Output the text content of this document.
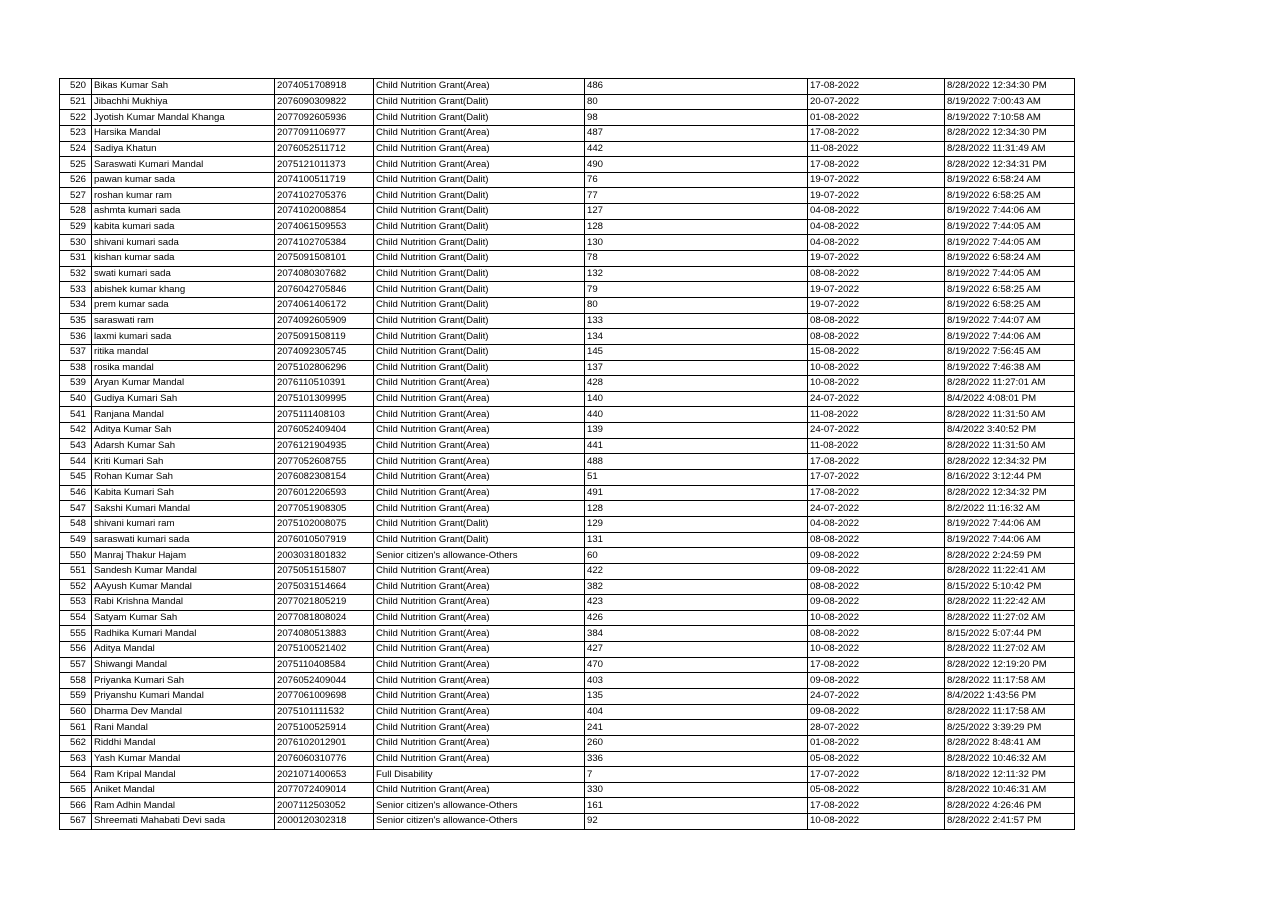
520	Bikas Kumar Sah	2074051708918	Child Nutrition Grant(Area)	486	17-08-2022	8/28/2022 12:34:30 PM
521	Jibachhi Mukhiya	2076090309822	Child Nutrition Grant(Dalit)	80	20-07-2022	8/19/2022 7:00:43 AM
522	Jyotish Kumar Mandal Khanga	2077092605936	Child Nutrition Grant(Dalit)	98	01-08-2022	8/19/2022 7:10:58 AM
523	Harsika Mandal	2077091106977	Child Nutrition Grant(Area)	487	17-08-2022	8/28/2022 12:34:30 PM
524	Sadiya Khatun	2076052511712	Child Nutrition Grant(Area)	442	11-08-2022	8/28/2022 11:31:49 AM
525	Saraswati Kumari Mandal	2075121011373	Child Nutrition Grant(Area)	490	17-08-2022	8/28/2022 12:34:31 PM
526	pawan kumar sada	2074100511719	Child Nutrition Grant(Dalit)	76	19-07-2022	8/19/2022 6:58:24 AM
527	roshan kumar ram	2074102705376	Child Nutrition Grant(Dalit)	77	19-07-2022	8/19/2022 6:58:25 AM
528	ashmta kumari sada	2074102008854	Child Nutrition Grant(Dalit)	127	04-08-2022	8/19/2022 7:44:06 AM
529	kabita kumari sada	2074061509553	Child Nutrition Grant(Dalit)	128	04-08-2022	8/19/2022 7:44:05 AM
530	shivani kumari sada	2074102705384	Child Nutrition Grant(Dalit)	130	04-08-2022	8/19/2022 7:44:05 AM
531	kishan kumar sada	2075091508101	Child Nutrition Grant(Dalit)	78	19-07-2022	8/19/2022 6:58:24 AM
532	swati kumari sada	2074080307682	Child Nutrition Grant(Dalit)	132	08-08-2022	8/19/2022 7:44:05 AM
533	abishek kumar khang	2076042705846	Child Nutrition Grant(Dalit)	79	19-07-2022	8/19/2022 6:58:25 AM
534	prem kumar sada	2074061406172	Child Nutrition Grant(Dalit)	80	19-07-2022	8/19/2022 6:58:25 AM
535	saraswati ram	2074092605909	Child Nutrition Grant(Dalit)	133	08-08-2022	8/19/2022 7:44:07 AM
536	laxmi kumari sada	2075091508119	Child Nutrition Grant(Dalit)	134	08-08-2022	8/19/2022 7:44:06 AM
537	ritika mandal	2074092305745	Child Nutrition Grant(Dalit)	145	15-08-2022	8/19/2022 7:56:45 AM
538	rosika mandal	2075102806296	Child Nutrition Grant(Dalit)	137	10-08-2022	8/19/2022 7:46:38 AM
539	Aryan Kumar Mandal	2076110510391	Child Nutrition Grant(Area)	428	10-08-2022	8/28/2022 11:27:01 AM
540	Gudiya Kumari Sah	2075101309995	Child Nutrition Grant(Area)	140	24-07-2022	8/4/2022 4:08:01 PM
541	Ranjana Mandal	2075111408103	Child Nutrition Grant(Area)	440	11-08-2022	8/28/2022 11:31:50 AM
542	Aditya Kumar Sah	2076052409404	Child Nutrition Grant(Area)	139	24-07-2022	8/4/2022 3:40:52 PM
543	Adarsh Kumar Sah	2076121904935	Child Nutrition Grant(Area)	441	11-08-2022	8/28/2022 11:31:50 AM
544	Kriti Kumari Sah	2077052608755	Child Nutrition Grant(Area)	488	17-08-2022	8/28/2022 12:34:32 PM
545	Rohan Kumar Sah	2076082308154	Child Nutrition Grant(Area)	51	17-07-2022	8/16/2022 3:12:44 PM
546	Kabita Kumari Sah	2076012206593	Child Nutrition Grant(Area)	491	17-08-2022	8/28/2022 12:34:32 PM
547	Sakshi Kumari Mandal	2077051908305	Child Nutrition Grant(Area)	128	24-07-2022	8/2/2022 11:16:32 AM
548	shivani kumari ram	2075102008075	Child Nutrition Grant(Dalit)	129	04-08-2022	8/19/2022 7:44:06 AM
549	saraswati kumari sada	2076010507919	Child Nutrition Grant(Dalit)	131	08-08-2022	8/19/2022 7:44:06 AM
550	Manraj Thakur Hajam	2003031801832	Senior citizen's allowance-Others	60	09-08-2022	8/28/2022 2:24:59 PM
551	Sandesh Kumar Mandal	2075051515807	Child Nutrition Grant(Area)	422	09-08-2022	8/28/2022 11:22:41 AM
552	AAyush Kumar Mandal	2075031514664	Child Nutrition Grant(Area)	382	08-08-2022	8/15/2022 5:10:42 PM
553	Rabi Krishna Mandal	2077021805219	Child Nutrition Grant(Area)	423	09-08-2022	8/28/2022 11:22:42 AM
554	Satyam Kumar Sah	2077081808024	Child Nutrition Grant(Area)	426	10-08-2022	8/28/2022 11:27:02 AM
555	Radhika Kumari Mandal	2074080513883	Child Nutrition Grant(Area)	384	08-08-2022	8/15/2022 5:07:44 PM
556	Aditya Mandal	2075100521402	Child Nutrition Grant(Area)	427	10-08-2022	8/28/2022 11:27:02 AM
557	Shiwangi Mandal	2075110408584	Child Nutrition Grant(Area)	470	17-08-2022	8/28/2022 12:19:20 PM
558	Priyanka Kumari Sah	2076052409044	Child Nutrition Grant(Area)	403	09-08-2022	8/28/2022 11:17:58 AM
559	Priyanshu Kumari Mandal	2077061009698	Child Nutrition Grant(Area)	135	24-07-2022	8/4/2022 1:43:56 PM
560	Dharma Dev Mandal	2075101111532	Child Nutrition Grant(Area)	404	09-08-2022	8/28/2022 11:17:58 AM
561	Rani Mandal	2075100525914	Child Nutrition Grant(Area)	241	28-07-2022	8/25/2022 3:39:29 PM
562	Riddhi Mandal	2076102012901	Child Nutrition Grant(Area)	260	01-08-2022	8/28/2022 8:48:41 AM
563	Yash Kumar Mandal	2076060310776	Child Nutrition Grant(Area)	336	05-08-2022	8/28/2022 10:46:32 AM
564	Ram Kripal Mandal	2021071400653	Full Disability	7	17-07-2022	8/18/2022 12:11:32 PM
565	Aniket Mandal	2077072409014	Child Nutrition Grant(Area)	330	05-08-2022	8/28/2022 10:46:31 AM
566	Ram Adhin Mandal	2007112503052	Senior citizen's allowance-Others	161	17-08-2022	8/28/2022 4:26:46 PM
567	Shreemati Mahabati Devi sada	2000120302318	Senior citizen's allowance-Others	92	10-08-2022	8/28/2022 2:41:57 PM
